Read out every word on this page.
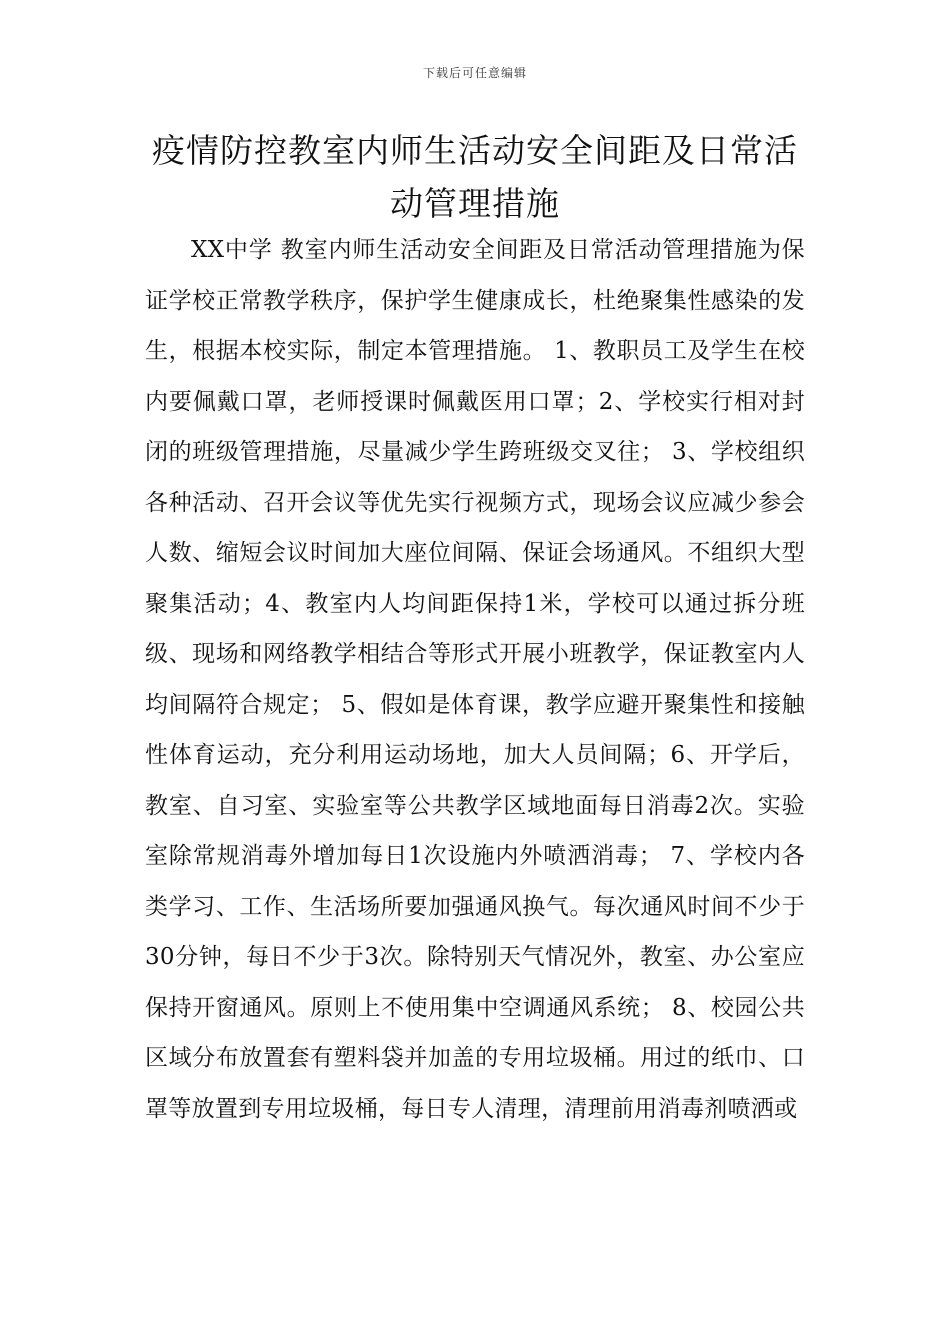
下载后可任意编辑
疫情防控教室内师生活动安全间距及日常活动管理措施

XX中学 教室内师生活动安全间距及日常活动管理措施为保证学校正常教学秩序，保护学生健康成长，杜绝聚集性感染的发生，根据本校实际，制定本管理措施。 1、教职员工及学生在校内要佩戴口罩，老师授课时佩戴医用口罩；2、学校实行相对封闭的班级管理措施，尽量减少学生跨班级交叉往； 3、学校组织各种活动、召开会议等优先实行视频方式，现场会议应减少参会人数、缩短会议时间加大座位间隔、保证会场通风。不组织大型聚集活动；4、教室内人均间距保持1米，学校可以通过拆分班级、现场和网络教学相结合等形式开展小班教学，保证教室内人均间隔符合规定； 5、假如是体育课，教学应避开聚集性和接触性体育运动，充分利用运动场地，加大人员间隔；6、开学后，教室、自习室、实验室等公共教学区域地面每日消毒2次。实验室除常规消毒外增加每日1次设施内外喷洒消毒； 7、学校内各类学习、工作、生活场所要加强通风换气。每次通风时间不少于30分钟，每日不少于3次。除特别天气情况外，教室、办公室应保持开窗通风。原则上不使用集中空调通风系统； 8、校园公共区域分布放置套有塑料袋并加盖的专用垃圾桶。用过的纸巾、口罩等放置到专用垃圾桶，每日专人清理，清理前用消毒剂喷洒或
